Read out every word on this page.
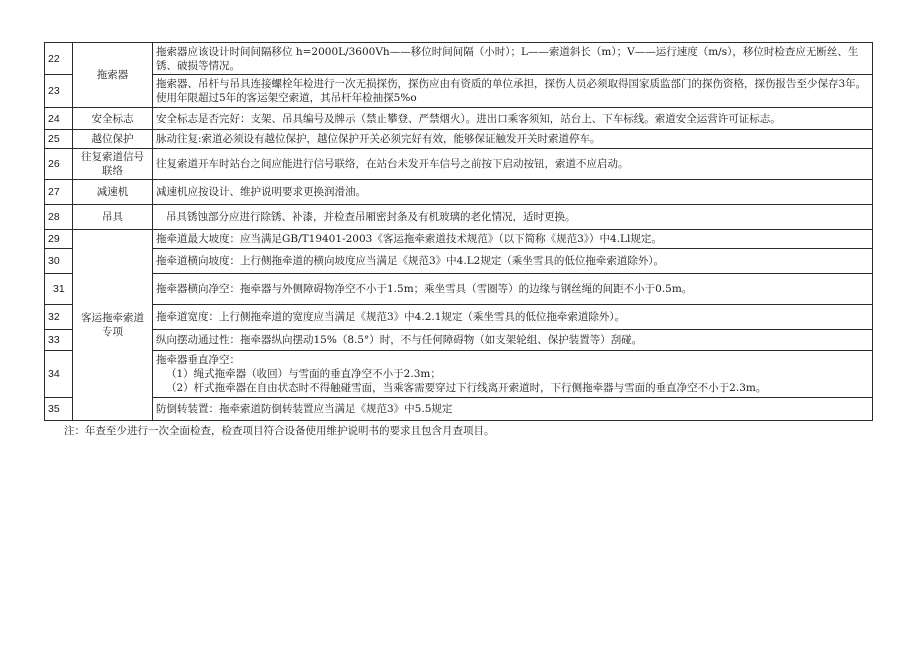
22	拖索器	拖索器应该设计时间间隔移位 h=2000L/3600Vh——移位时间间隔（小时）；L——索道斜长（m）；V——运行速度（m/s），移位时检查应无断丝、生锈、破损等情况。

23		拖索器、吊杆与吊具连接螺栓年检进行一次无损探伤，探伤应由有资质的单位承担，探伤人员必须取得国家质监部门的探伤资格，探伤报告至少保存3年。使用年限超过5年的客运架空索道，其吊杆年检抽探5%o

24	安全标志	安全标志是否完好：支架、吊具编号及牌示（禁止攀登、严禁烟火）。进出口乘客须知，站台上、下车标线。索道安全运营许可证标志。

25	越位保护	脉动往复:索道必须设有越位保护，越位保护开关必须完好有效，能够保证触发开关时索道停车。

26	往复索道信号联络	往复索道开车时站台之间应能进行信号联络，在站台未发开车信号之前按下启动按钮，索道不应启动。

27	减速机	减速机应按设计、维护说明要求更换润滑油。

28	吊具	吊具锈蚀部分应进行除锈、补漆，并检查吊厢密封条及有机玻璃的老化情况，适时更换。

29	客运拖牵索道专项	拖牵道最大坡度：应当满足GB/T19401-2003《客运拖牵索道技术规范》（以下简称《规范3》）中4.Ll规定。

30		拖牵道横向坡度：上行侧拖牵道的横向坡度应当满足《规范3》中4.L2规定（乘坐雪具的低位拖牵索道除外）。

31		拖牵器横向净空：拖牵器与外侧障碍物净空不小于1.5m；乘坐雪具（雪圈等）的边缘与钢丝绳的间距不小于0.5m。

32		拖牵道宽度：上行侧拖牵道的宽度应当满足《规范3》中4.2.1规定（乘坐雪具的低位拖牵索道除外）。

33		纵向摆动通过性：拖牵器纵向摆动15%（8.5°）时，不与任何障碍物（如支架轮组、保护装置等）刮碰。

34		拖牵器垂直净空：
（1）绳式拖牵器（收回）与雪面的垂直净空不小于2.3m；
（2）杆式拖牵器在自由状态时不得触碰雪面，当乘客需要穿过下行线离开索道时，下行侧拖牵器与雪面的垂直净空不小于2.3m。

35		防倒转装置：拖牵索道防倒转装置应当满足《规范3》中5.5规定
注：年查至少进行一次全面检查，检查项目符合设备使用维护说明书的要求且包含月查项目。
